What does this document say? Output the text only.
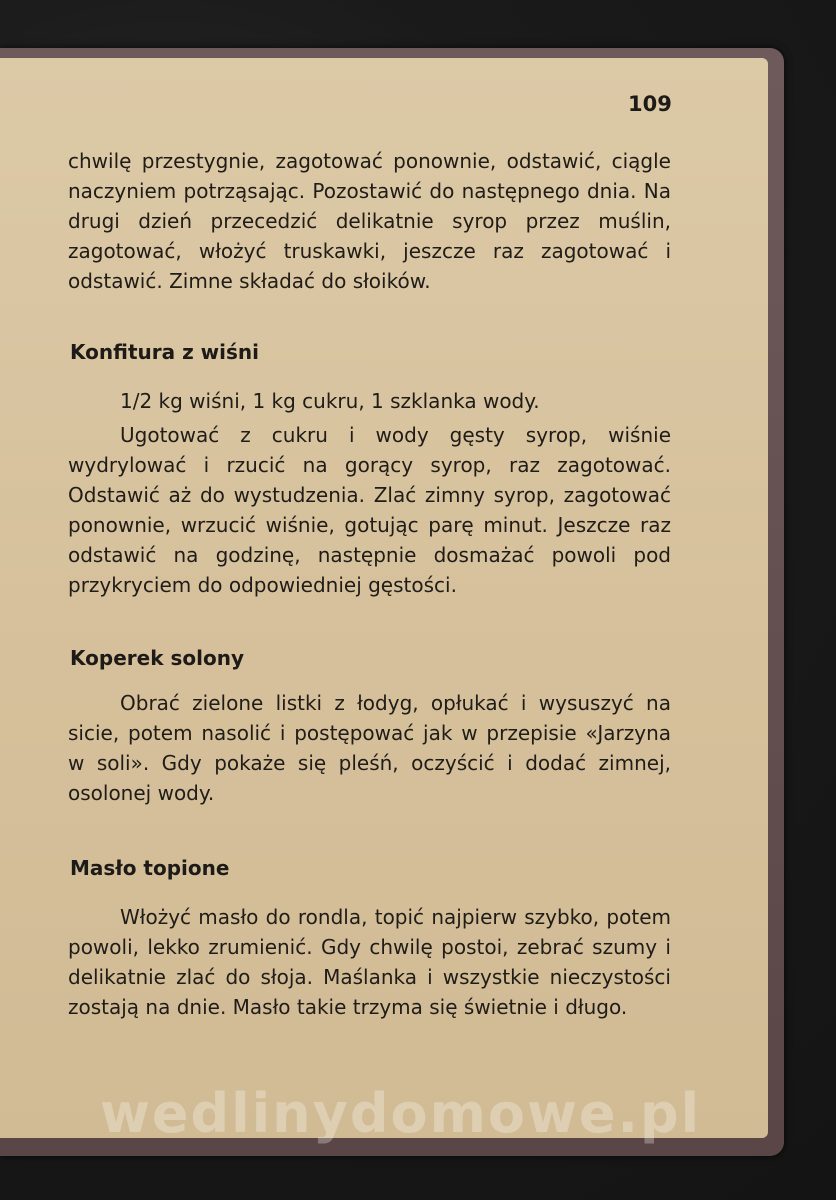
109

chwilę przestygnie, zagotować ponownie, odstawić, ciągle naczyniem potrząsając. Pozostawić do następnego dnia. Na drugi dzień przecedzić delikatnie syrop przez muślin, zagotować, włożyć truskawki, jeszcze raz zagotować i odstawić. Zimne składać do słoików.

Konfitura z wiśni

1/2 kg wiśni, 1 kg cukru, 1 szklanka wody.

Ugotować z cukru i wody gęsty syrop, wiśnie wydrylować i rzucić na gorący syrop, raz zagotować. Odstawić aż do wystudzenia. Zlać zimny syrop, zagotować ponownie, wrzucić wiśnie, gotując parę minut. Jeszcze raz odstawić na godzinę, następnie dosmażać powoli pod przykryciem do odpowiedniej gęstości.

Koperek solony

Obrać zielone listki z łodyg, opłukać i wysuszyć na sicie, potem nasolić i postępować jak w przepisie «Jarzyna w soli». Gdy pokaże się pleśń, oczyścić i dodać zimnej, osolonej wody.

Masło topione

Włożyć masło do rondla, topić najpierw szybko, potem powoli, lekko zrumienić. Gdy chwilę postoi, zebrać szumy i delikatnie zlać do słoja. Maślanka i wszystkie nieczystości zostają na dnie. Masło takie trzyma się świetnie i długo.

wedlinydomowe.pl
